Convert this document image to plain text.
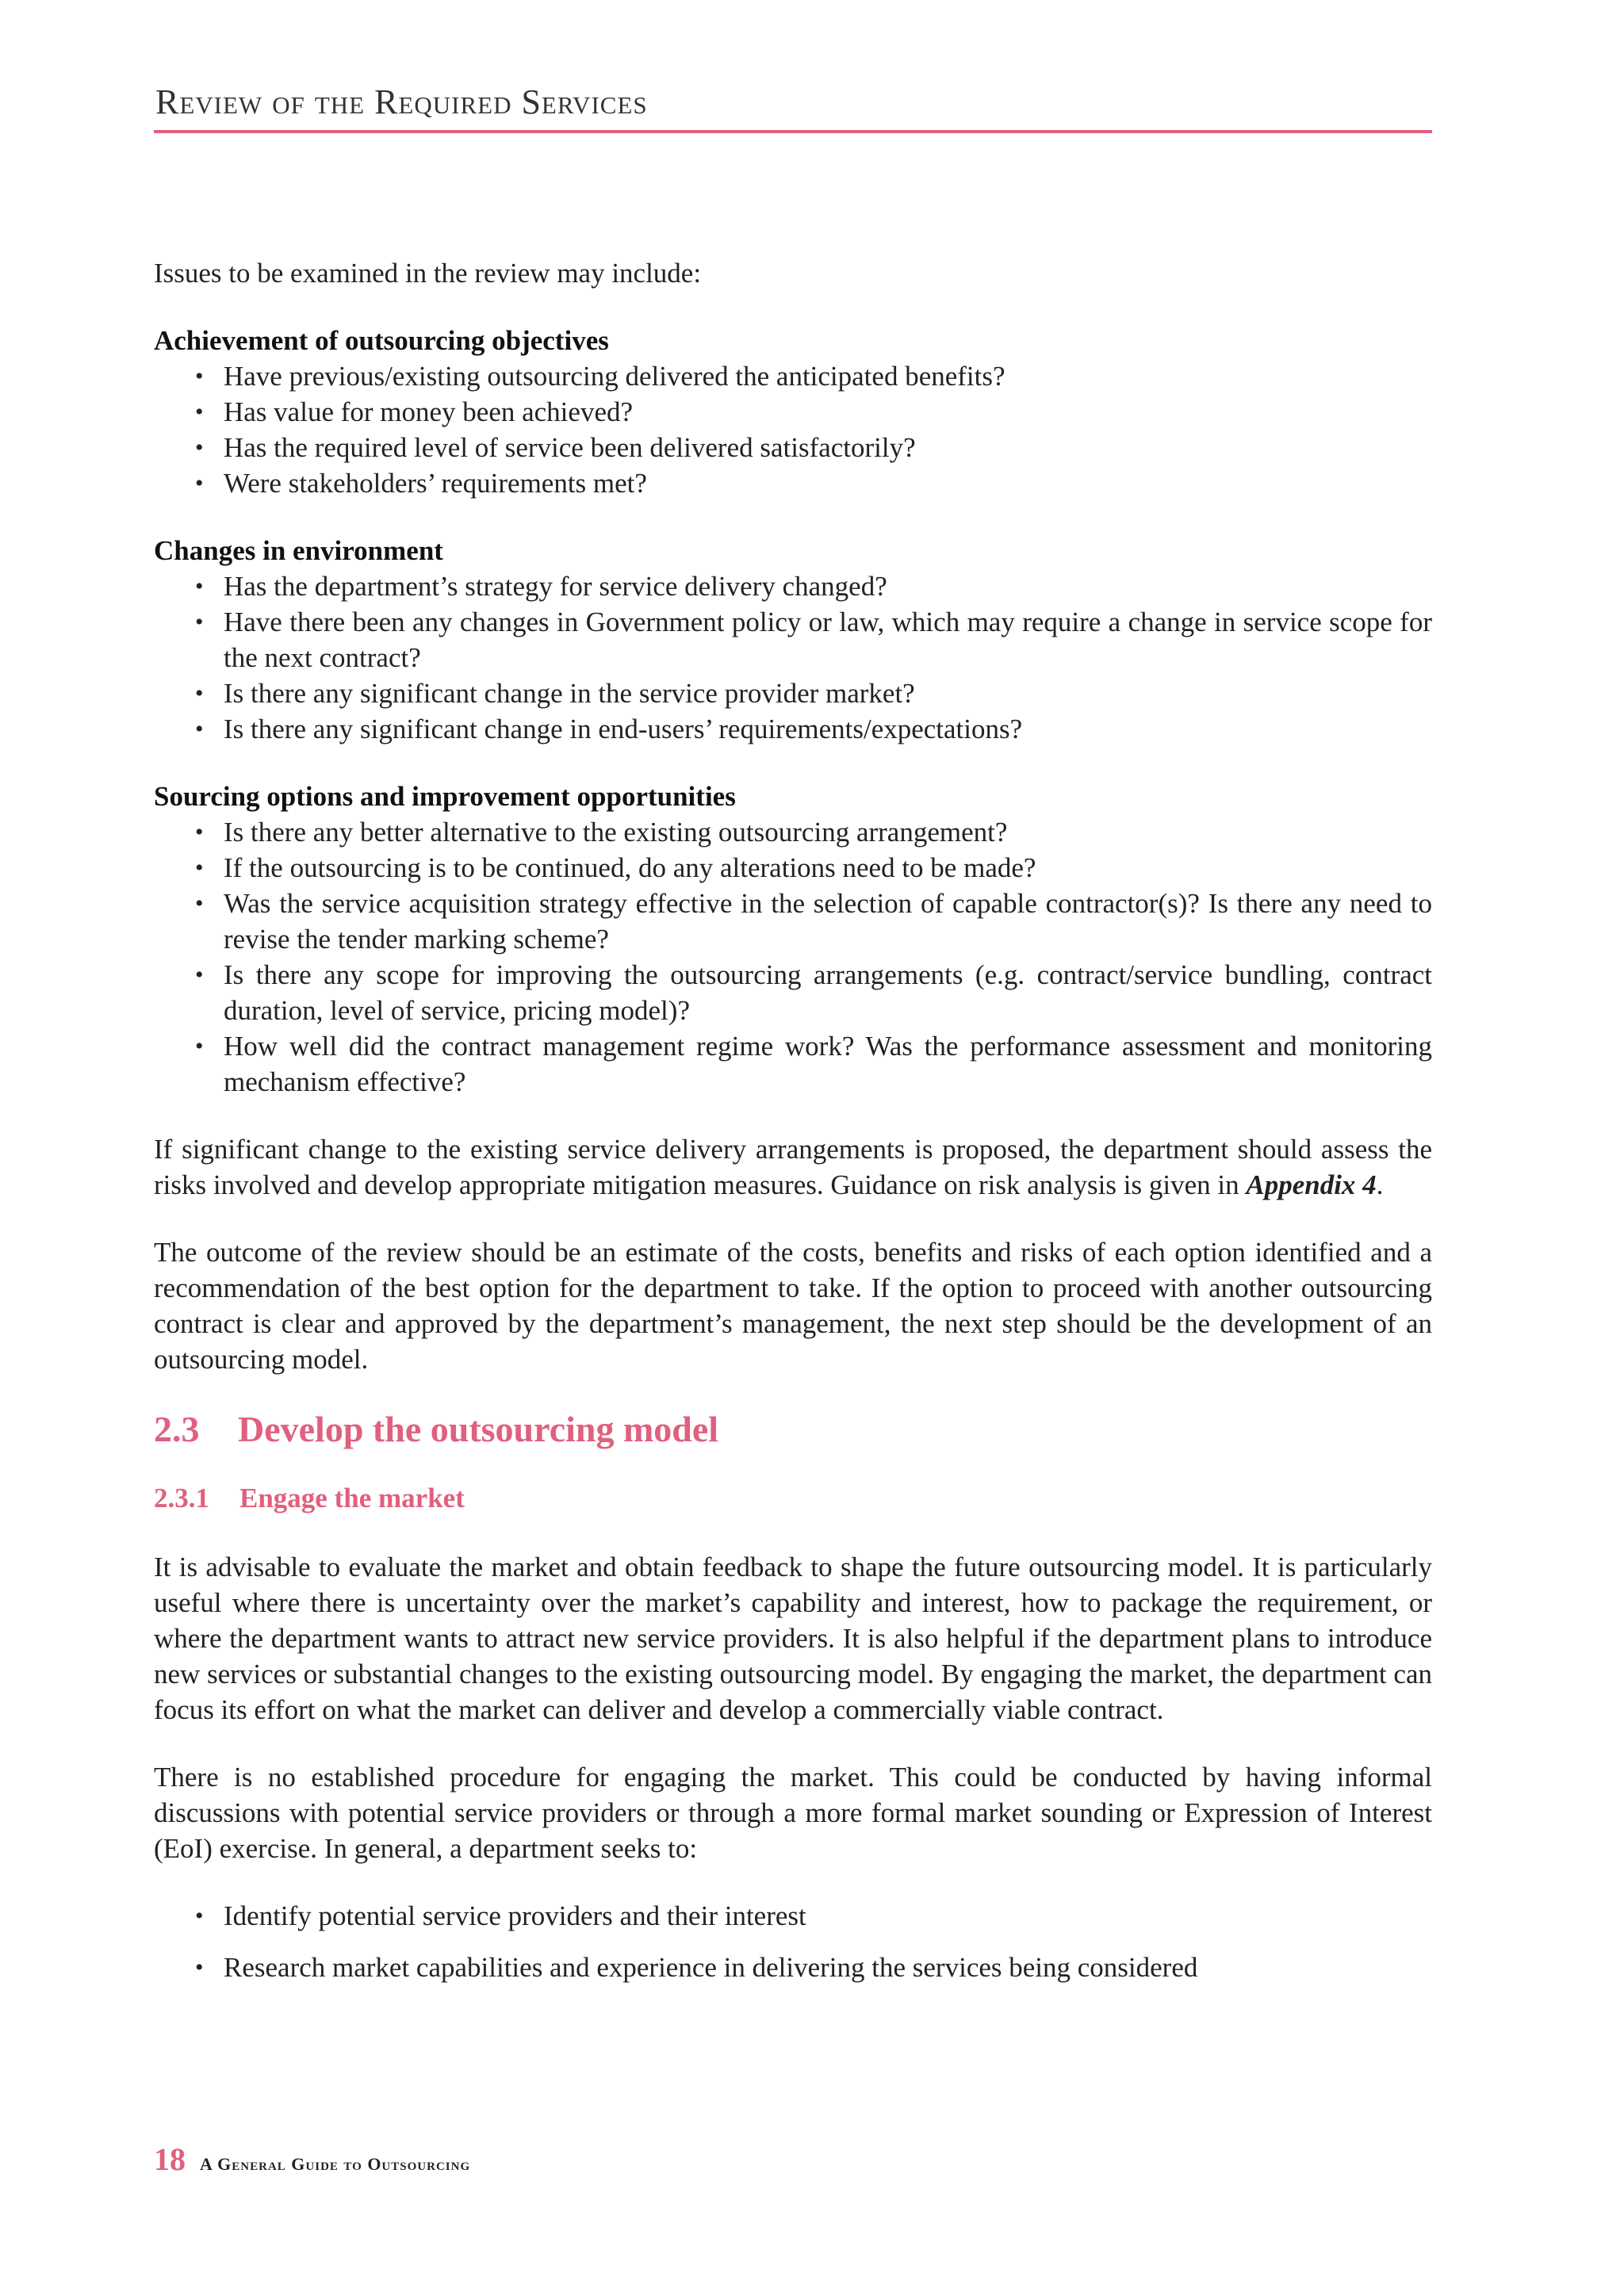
Review of the Required Services

Issues to be examined in the review may include:

Achievement of outsourcing objectives

• Have previous/existing outsourcing delivered the anticipated benefits?
• Has value for money been achieved?
• Has the required level of service been delivered satisfactorily?
• Were stakeholders’ requirements met?

Changes in environment

• Has the department’s strategy for service delivery changed?
• Have there been any changes in Government policy or law, which may require a change in service scope for the next contract?
• Is there any significant change in the service provider market?
• Is there any significant change in end-users’ requirements/expectations?

Sourcing options and improvement opportunities

• Is there any better alternative to the existing outsourcing arrangement?
• If the outsourcing is to be continued, do any alterations need to be made?
• Was the service acquisition strategy effective in the selection of capable contractor(s)? Is there any need to revise the tender marking scheme?
• Is there any scope for improving the outsourcing arrangements (e.g. contract/service bundling, contract duration, level of service, pricing model)?
• How well did the contract management regime work? Was the performance assessment and monitoring mechanism effective?

If significant change to the existing service delivery arrangements is proposed, the department should assess the risks involved and develop appropriate mitigation measures. Guidance on risk analysis is given in Appendix 4.

The outcome of the review should be an estimate of the costs, benefits and risks of each option identified and a recommendation of the best option for the department to take. If the option to proceed with another outsourcing contract is clear and approved by the department’s management, the next step should be the development of an outsourcing model.

2.3 Develop the outsourcing model
2.3.1 Engage the market

It is advisable to evaluate the market and obtain feedback to shape the future outsourcing model. It is particularly useful where there is uncertainty over the market’s capability and interest, how to package the requirement, or where the department wants to attract new service providers. It is also helpful if the department plans to introduce new services or substantial changes to the existing outsourcing model. By engaging the market, the department can focus its effort on what the market can deliver and develop a commercially viable contract.

There is no established procedure for engaging the market. This could be conducted by having informal discussions with potential service providers or through a more formal market sounding or Expression of Interest (EoI) exercise. In general, a department seeks to:

• Identify potential service providers and their interest
• Research market capabilities and experience in delivering the services being considered
18 A General Guide to Outsourcing
